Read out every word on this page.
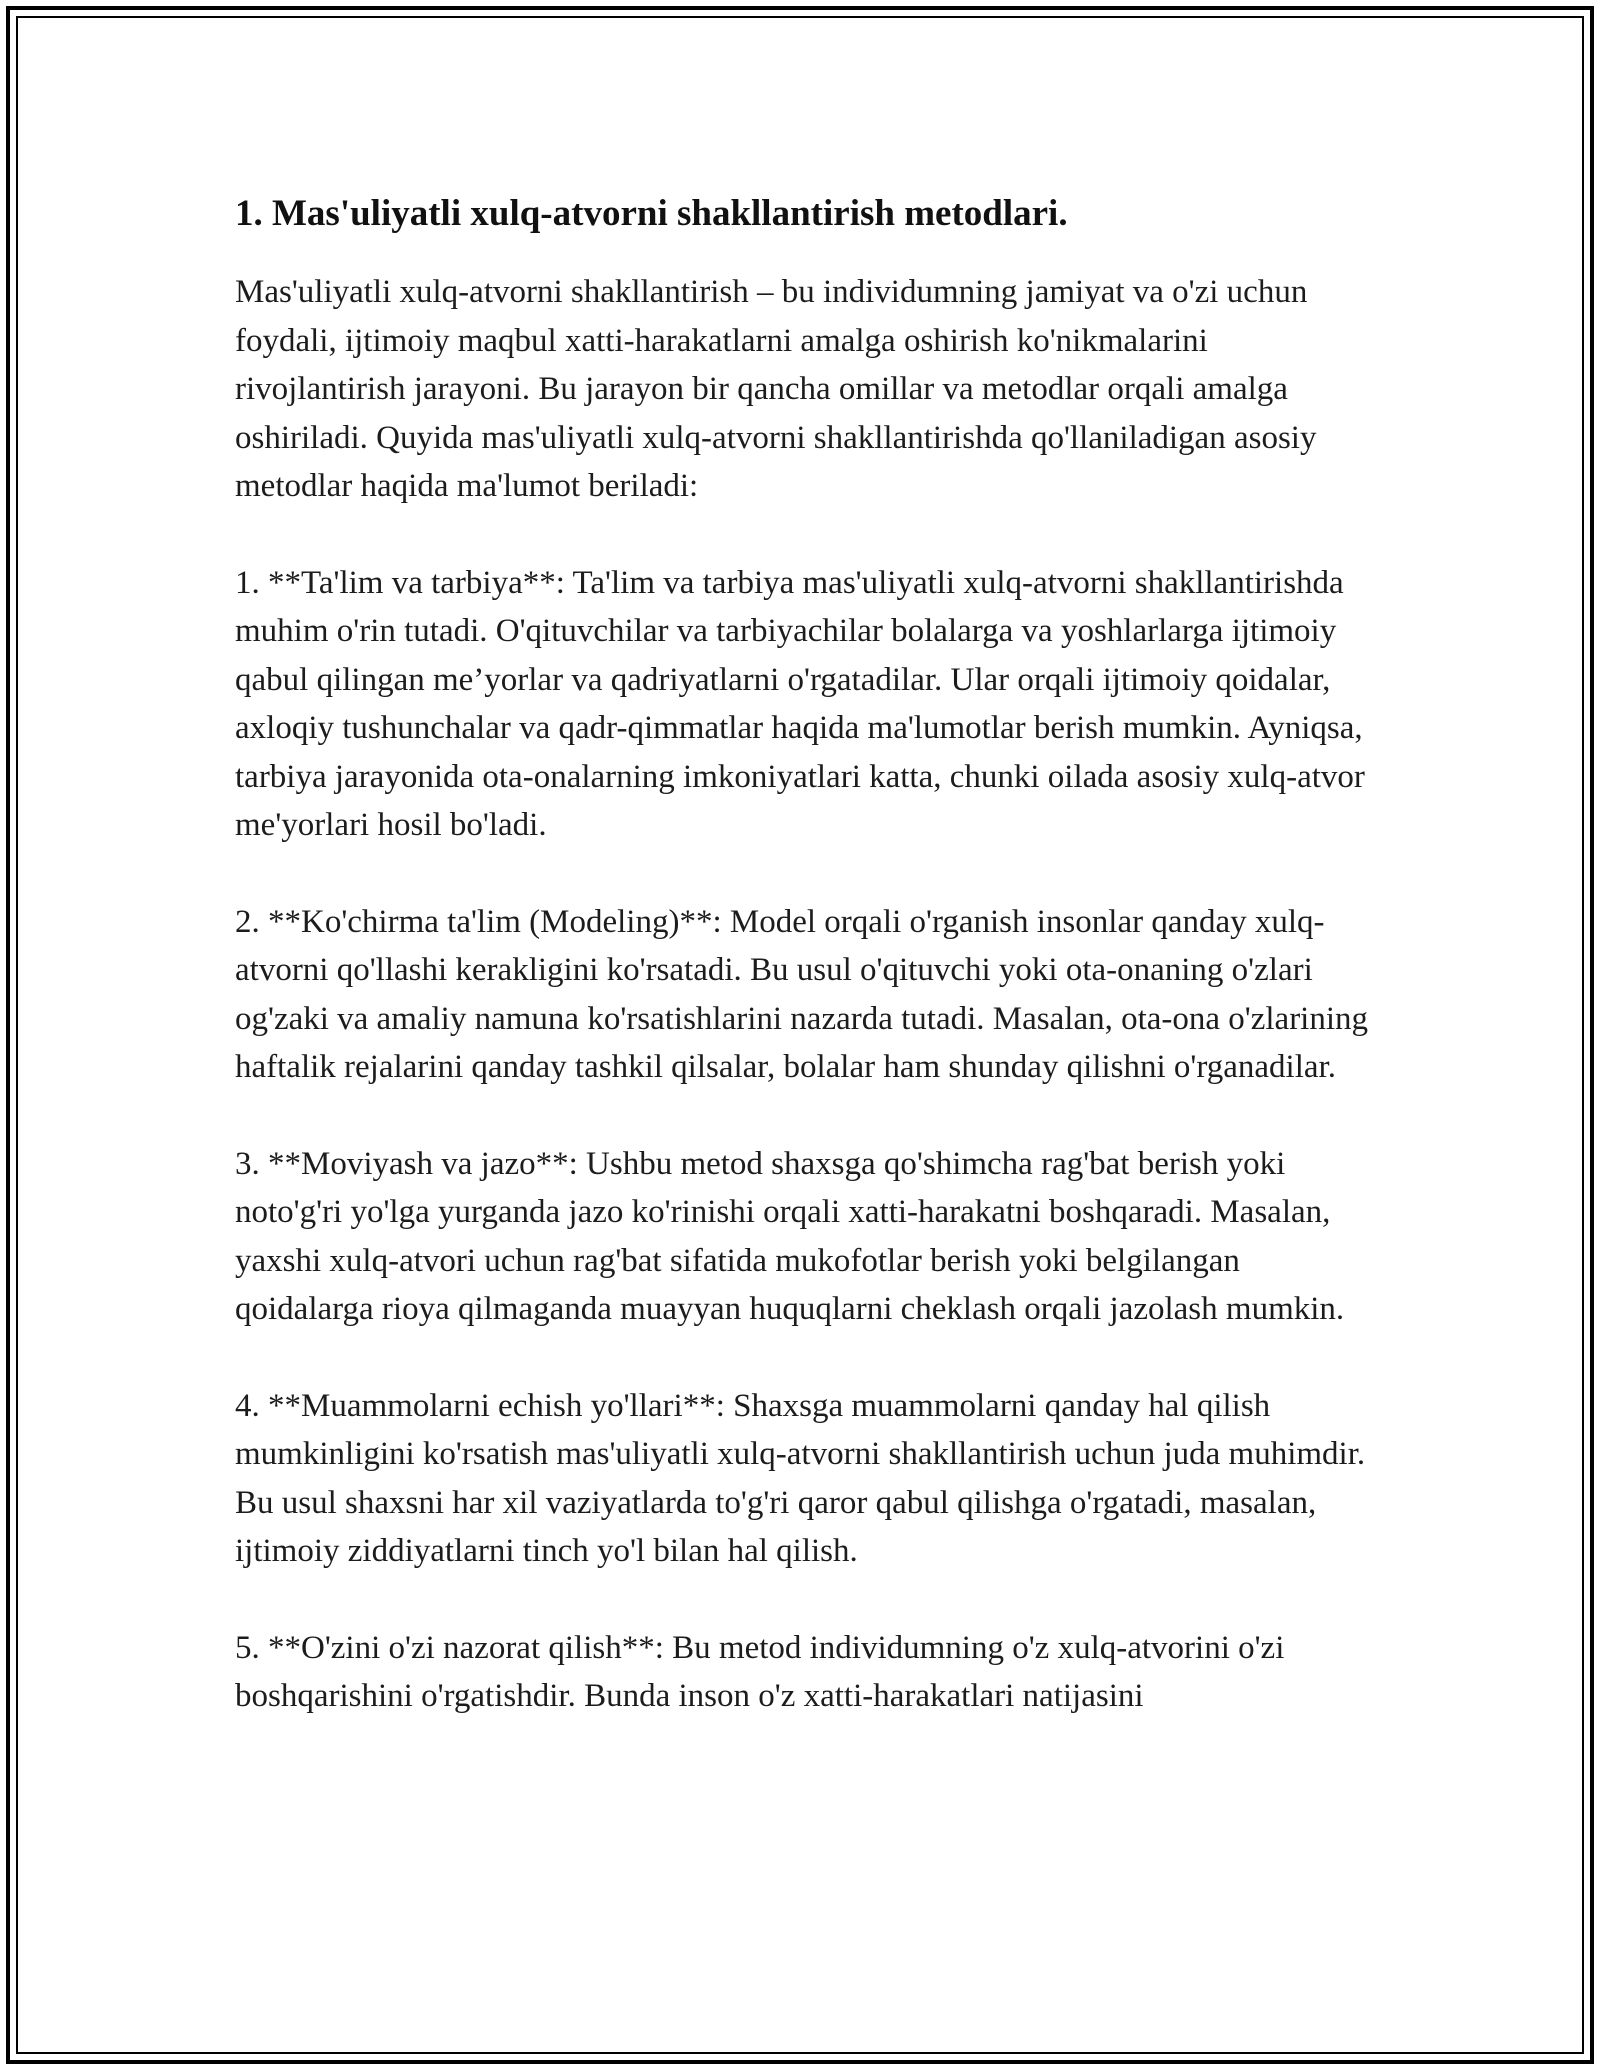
1. Mas'uliyatli xulq-atvorni shakllantirish metodlari.

Mas'uliyatli xulq-atvorni shakllantirish – bu individumning jamiyat va o'zi uchun foydali, ijtimoiy maqbul xatti-harakatlarni amalga oshirish ko'nikmalarini rivojlantirish jarayoni. Bu jarayon bir qancha omillar va metodlar orqali amalga oshiriladi. Quyida mas'uliyatli xulq-atvorni shakllantirishda qo'llaniladigan asosiy metodlar haqida ma'lumot beriladi:

1. **Ta'lim va tarbiya**: Ta'lim va tarbiya mas'uliyatli xulq-atvorni shakllantirishda muhim o'rin tutadi. O'qituvchilar va tarbiyachilar bolalarga va yoshlarlarga ijtimoiy qabul qilingan me’yorlar va qadriyatlarni o'rgatadilar. Ular orqali ijtimoiy qoidalar, axloqiy tushunchalar va qadr-qimmatlar haqida ma'lumotlar berish mumkin. Ayniqsa, tarbiya jarayonida ota-onalarning imkoniyatlari katta, chunki oilada asosiy xulq-atvor me'yorlari hosil bo'ladi.

2. **Ko'chirma ta'lim (Modeling)**: Model orqali o'rganish insonlar qanday xulq-atvorni qo'llashi kerakligini ko'rsatadi. Bu usul o'qituvchi yoki ota-onaning o'zlari og'zaki va amaliy namuna ko'rsatishlarini nazarda tutadi. Masalan, ota-ona o'zlarining haftalik rejalarini qanday tashkil qilsalar, bolalar ham shunday qilishni o'rganadilar.

3. **Moviyash va jazo**: Ushbu metod shaxsga qo'shimcha rag'bat berish yoki noto'g'ri yo'lga yurganda jazo ko'rinishi orqali xatti-harakatni boshqaradi. Masalan, yaxshi xulq-atvori uchun rag'bat sifatida mukofotlar berish yoki belgilangan qoidalarga rioya qilmaganda muayyan huquqlarni cheklash orqali jazolash mumkin.

4. **Muammolarni echish yo'llari**: Shaxsga muammolarni qanday hal qilish mumkinligini ko'rsatish mas'uliyatli xulq-atvorni shakllantirish uchun juda muhimdir. Bu usul shaxsni har xil vaziyatlarda to'g'ri qaror qabul qilishga o'rgatadi, masalan, ijtimoiy ziddiyatlarni tinch yo'l bilan hal qilish.

5. **O'zini o'zi nazorat qilish**: Bu metod individumning o'z xulq-atvorini o'zi boshqarishini o'rgatishdir. Bunda inson o'z xatti-harakatlari natijasini
